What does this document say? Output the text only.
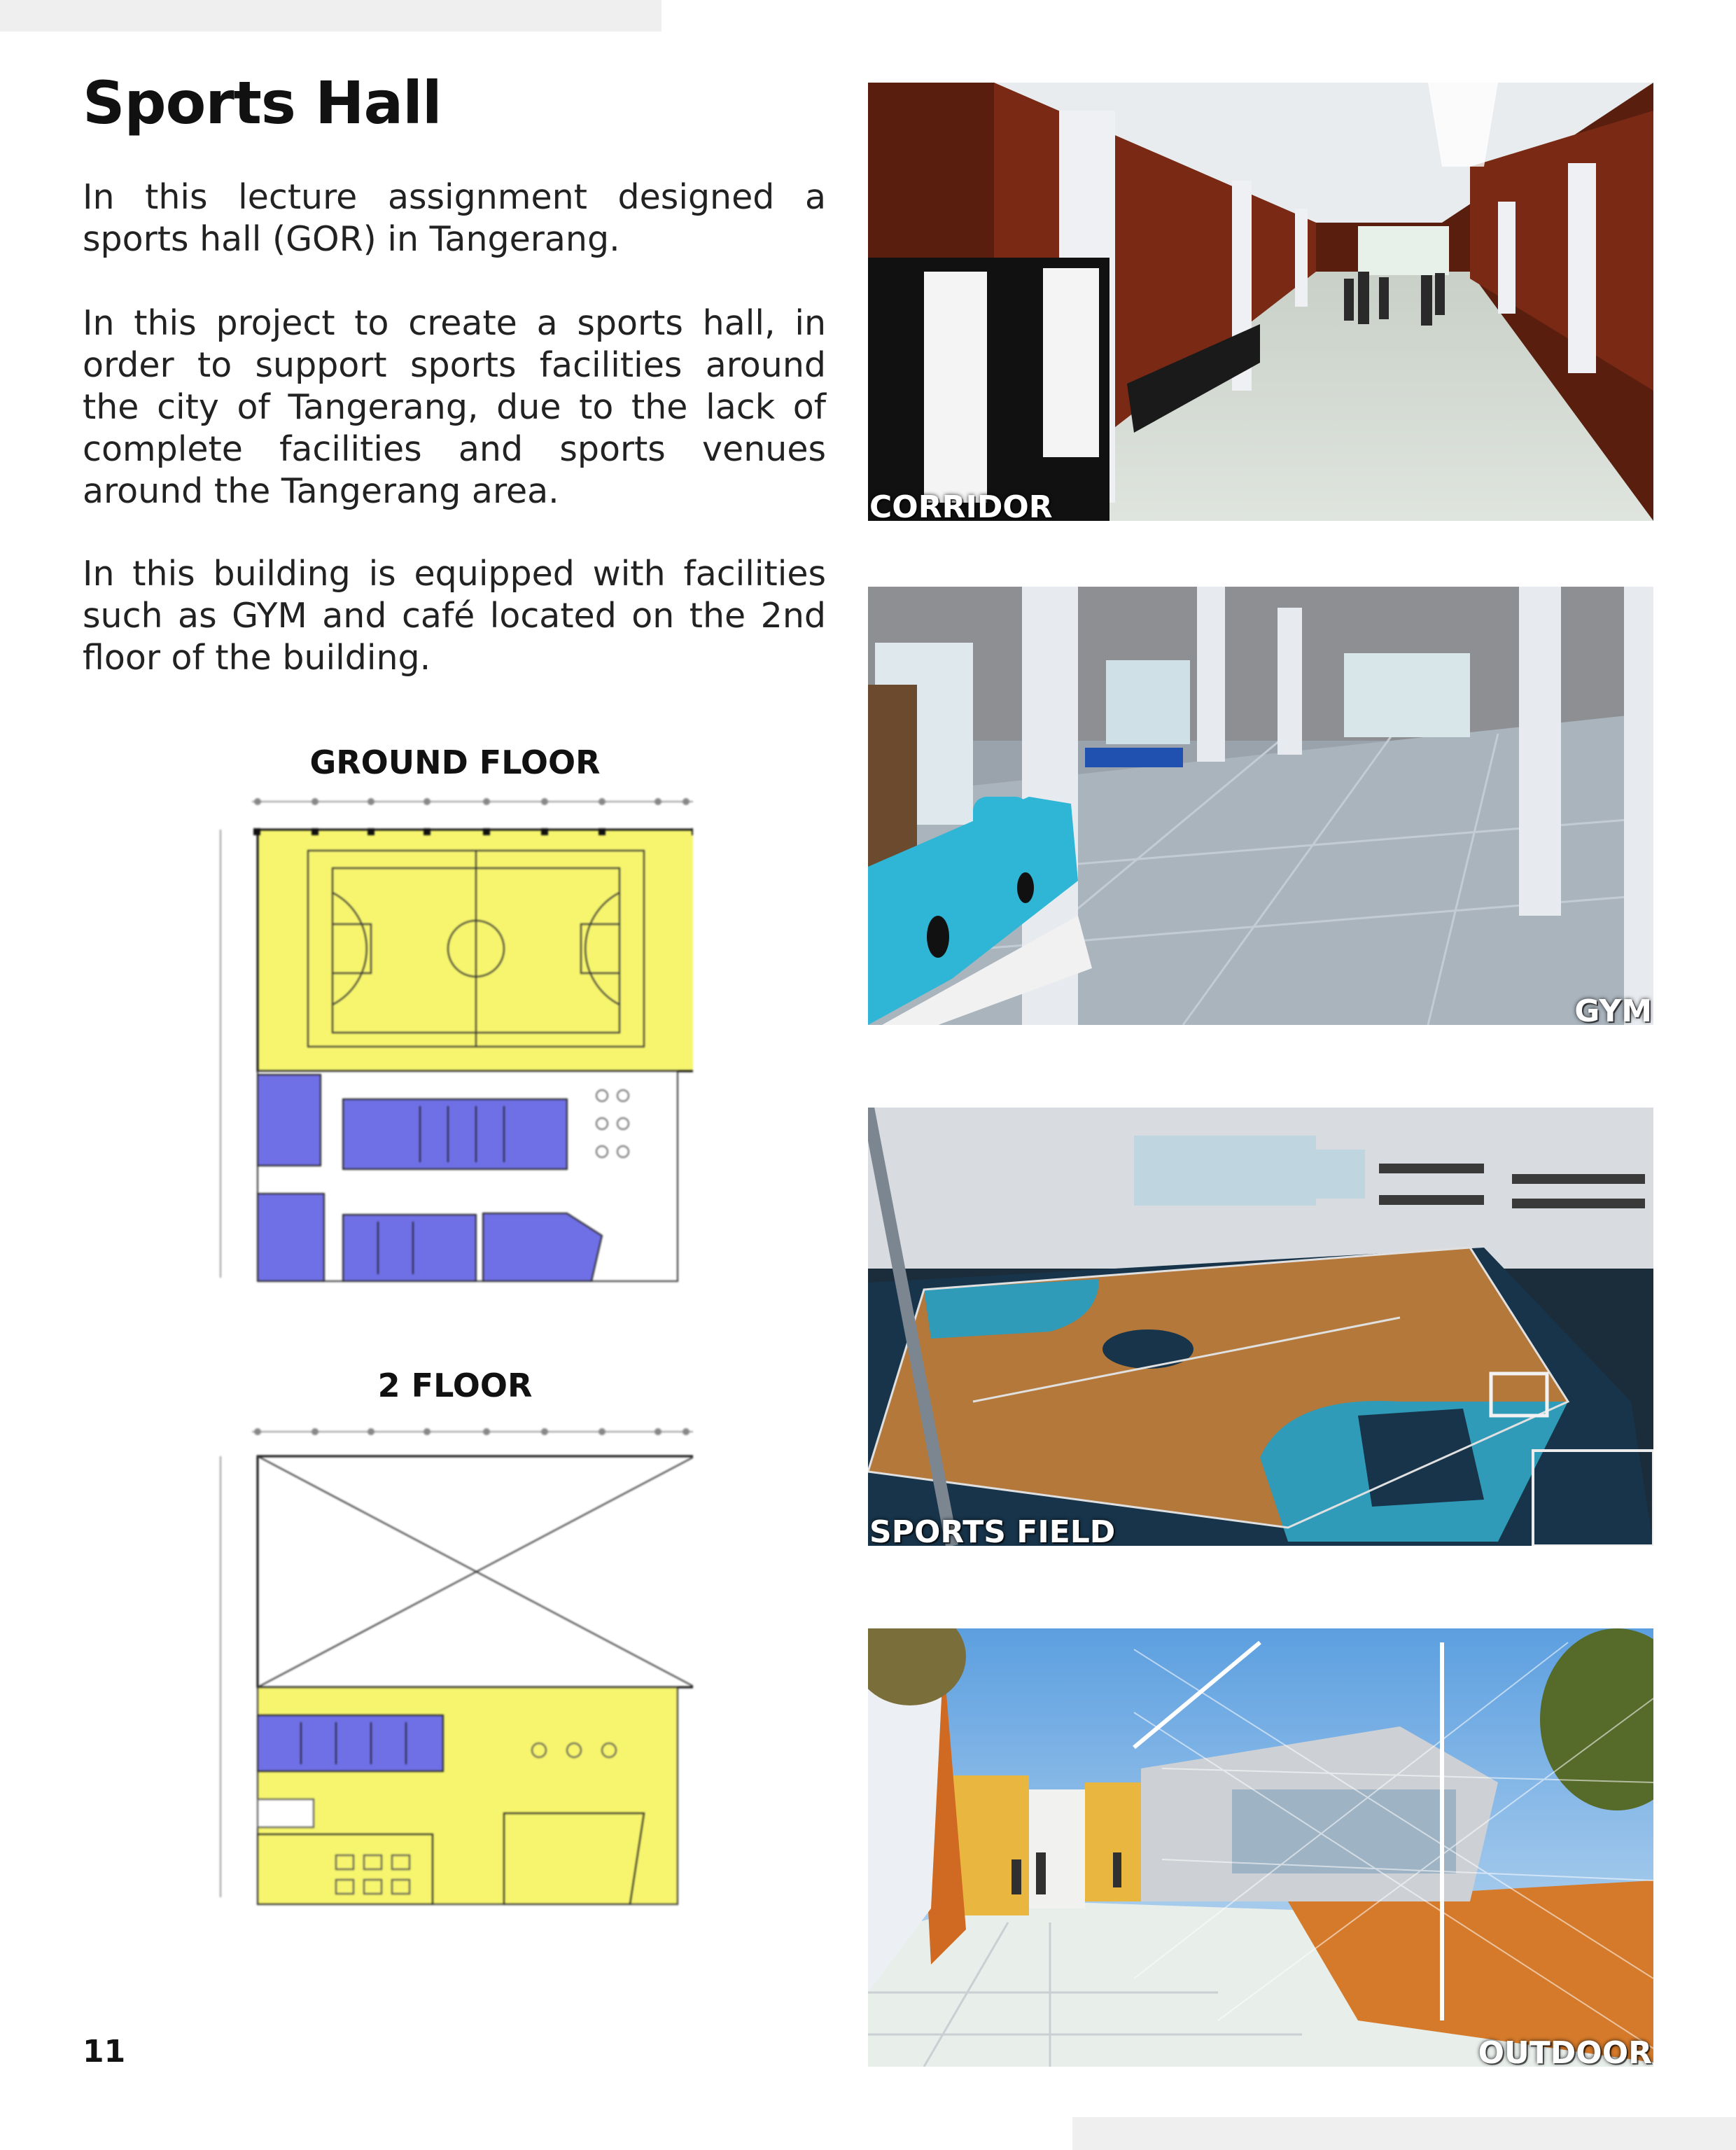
Sports Hall

In this lecture assignment designed a sports hall (GOR) in Tangerang.

In this project to create a sports hall, in order to support sports facilities around the city of Tangerang, due to the lack of complete facilities and sports venues around the Tangerang area.

In this building is equipped with facilities such as GYM and café located on the 2nd floor of the building.

GROUND FLOOR
2 FLOOR
CORRIDOR
GYM
SPORTS FIELD
OUTDOOR
11
